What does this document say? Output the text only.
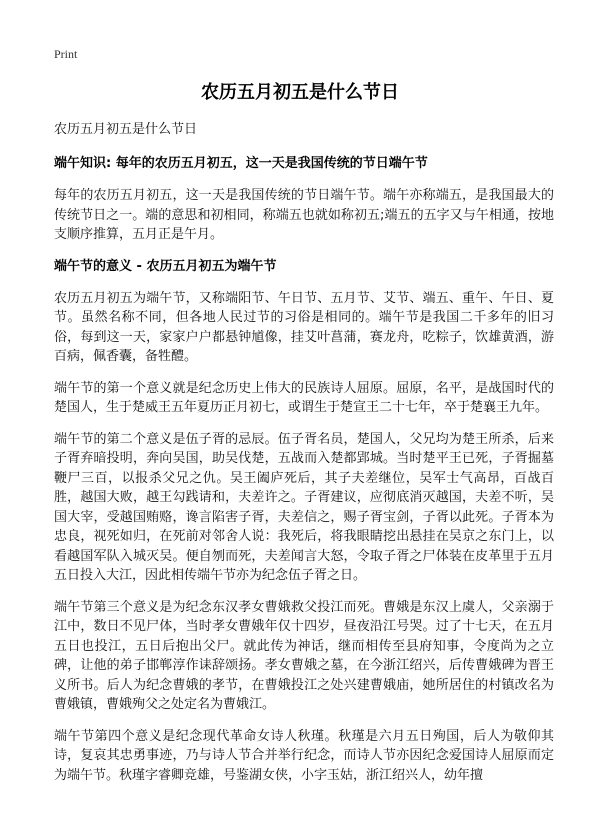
Print
农历五月初五是什么节日

农历五月初五是什么节日

端午知识: 每年的农历五月初五，这一天是我国传统的节日端午节

每年的农历五月初五，这一天是我国传统的节日端午节。端午亦称端五，是我国最大的传统节日之一。端的意思和初相同，称端五也就如称初五;端五的五字又与午相通，按地支顺序推算，五月正是午月。

端午节的意义 - 农历五月初五为端午节

农历五月初五为端午节，又称端阳节、午日节、五月节、艾节、端五、重午、午日、夏节。虽然名称不同，但各地人民过节的习俗是相同的。端午节是我国二千多年的旧习俗，每到这一天，家家户户都悬钟馗像，挂艾叶菖蒲，赛龙舟，吃粽子，饮雄黄酒，游百病，佩香囊，备牲醴。

端午节的第一个意义就是纪念历史上伟大的民族诗人屈原。屈原，名平，是战国时代的楚国人，生于楚威王五年夏历正月初七，或谓生于楚宣王二十七年，卒于楚襄王九年。

端午节的第二个意义是伍子胥的忌辰。伍子胥名员，楚国人，父兄均为楚王所杀，后来子胥弃暗投明，奔向吴国，助吴伐楚，五战而入楚都郢城。当时楚平王已死，子胥掘墓鞭尸三百，以报杀父兄之仇。吴王阖庐死后，其子夫差继位，吴军士气高昂，百战百胜，越国大败，越王勾践请和，夫差许之。子胥建议，应彻底消灭越国，夫差不听，吴国大宰，受越国贿赂，谗言陷害子胥，夫差信之，赐子胥宝剑，子胥以此死。子胥本为忠良，视死如归，在死前对邻舍人说：我死后，将我眼睛挖出悬挂在吴京之东门上，以看越国军队入城灭吴。便自刎而死，夫差闻言大怒，令取子胥之尸体装在皮革里于五月五日投入大江，因此相传端午节亦为纪念伍子胥之日。

端午节第三个意义是为纪念东汉孝女曹娥救父投江而死。曹娥是东汉上虞人，父亲溺于江中，数日不见尸体，当时孝女曹娥年仅十四岁，昼夜沿江号哭。过了十七天，在五月五日也投江，五日后抱出父尸。就此传为神话，继而相传至县府知事，令度尚为之立碑，让他的弟子邯郸淳作诔辞颂扬。孝女曹娥之墓，在今浙江绍兴，后传曹娥碑为晋王义所书。后人为纪念曹娥的孝节，在曹娥投江之处兴建曹娥庙，她所居住的村镇改名为曹娥镇，曹娥殉父之处定名为曹娥江。

端午节第四个意义是纪念现代革命女诗人秋瑾。秋瑾是六月五日殉国，后人为敬仰其诗，复哀其忠勇事迹，乃与诗人节合并举行纪念，而诗人节亦因纪念爱国诗人屈原而定为端午节。秋瑾字睿卿竞雄，号鉴湖女侠，小字玉姑，浙江绍兴人，幼年擅
